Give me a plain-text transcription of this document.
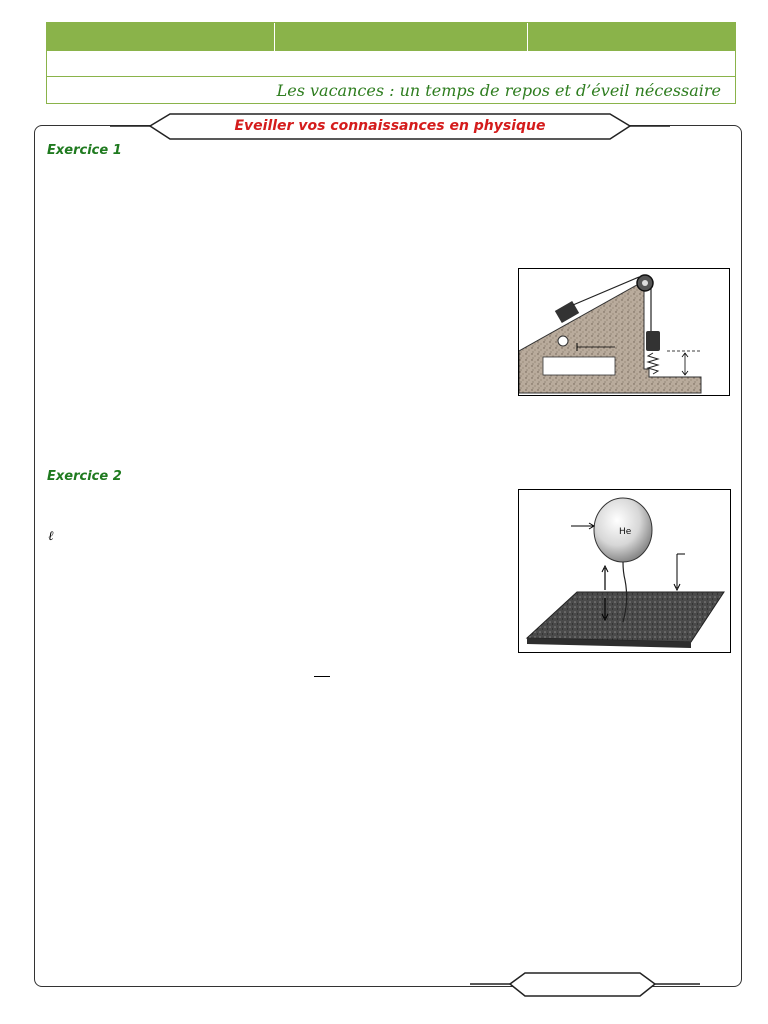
Les vacances : un temps de repos et d’éveil nécessaire
Eveiller vos connaissances en physique
Exercice 1
Exercice 2
He
ℓ
